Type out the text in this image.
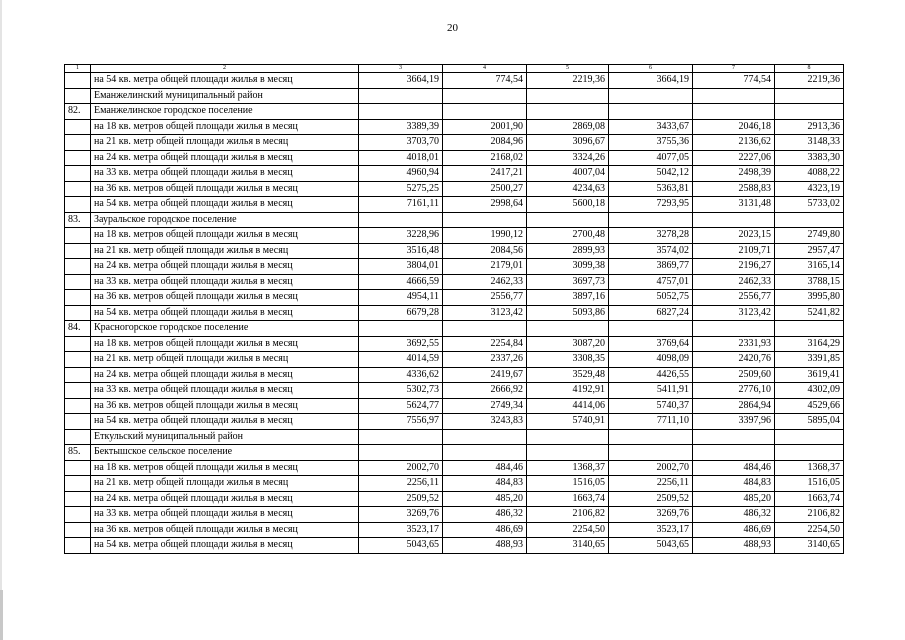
20
1	2	3	4	5	6	7	8
	на 54 кв. метра общей площади жилья в месяц	3664,19	774,54	2219,36	3664,19	774,54	2219,36
	Еманжелинский муниципальный район						
82.	Еманжелинское городское поселение						
	на 18 кв. метров общей площади жилья в месяц	3389,39	2001,90	2869,08	3433,67	2046,18	2913,36
	на 21 кв. метр общей площади жилья в месяц	3703,70	2084,96	3096,67	3755,36	2136,62	3148,33
	на 24 кв. метра общей площади жилья в месяц	4018,01	2168,02	3324,26	4077,05	2227,06	3383,30
	на 33 кв. метра общей площади жилья в месяц	4960,94	2417,21	4007,04	5042,12	2498,39	4088,22
	на 36 кв. метров общей площади жилья в месяц	5275,25	2500,27	4234,63	5363,81	2588,83	4323,19
	на 54 кв. метра общей площади жилья в месяц	7161,11	2998,64	5600,18	7293,95	3131,48	5733,02
83.	Зауральское городское поселение						
	на 18 кв. метров общей площади жилья в месяц	3228,96	1990,12	2700,48	3278,28	2023,15	2749,80
	на 21 кв. метр общей площади жилья в месяц	3516,48	2084,56	2899,93	3574,02	2109,71	2957,47
	на 24 кв. метра общей площади жилья в месяц	3804,01	2179,01	3099,38	3869,77	2196,27	3165,14
	на 33 кв. метра общей площади жилья в месяц	4666,59	2462,33	3697,73	4757,01	2462,33	3788,15
	на 36 кв. метров общей площади жилья в месяц	4954,11	2556,77	3897,16	5052,75	2556,77	3995,80
	на 54 кв. метра общей площади жилья в месяц	6679,28	3123,42	5093,86	6827,24	3123,42	5241,82
84.	Красногорское городское поселение						
	на 18 кв. метров общей площади жилья в месяц	3692,55	2254,84	3087,20	3769,64	2331,93	3164,29
	на 21 кв. метр общей площади жилья в месяц	4014,59	2337,26	3308,35	4098,09	2420,76	3391,85
	на 24 кв. метра общей площади жилья в месяц	4336,62	2419,67	3529,48	4426,55	2509,60	3619,41
	на 33 кв. метра общей площади жилья в месяц	5302,73	2666,92	4192,91	5411,91	2776,10	4302,09
	на 36 кв. метров общей площади жилья в месяц	5624,77	2749,34	4414,06	5740,37	2864,94	4529,66
	на 54 кв. метра общей площади жилья в месяц	7556,97	3243,83	5740,91	7711,10	3397,96	5895,04
	Еткульский муниципальный район						
85.	Бектышское сельское поселение						
	на 18 кв. метров общей площади жилья в месяц	2002,70	484,46	1368,37	2002,70	484,46	1368,37
	на 21 кв. метр общей площади жилья в месяц	2256,11	484,83	1516,05	2256,11	484,83	1516,05
	на 24 кв. метра общей площади жилья в месяц	2509,52	485,20	1663,74	2509,52	485,20	1663,74
	на 33 кв. метра общей площади жилья в месяц	3269,76	486,32	2106,82	3269,76	486,32	2106,82
	на 36 кв. метров общей площади жилья в месяц	3523,17	486,69	2254,50	3523,17	486,69	2254,50
	на 54 кв. метра общей площади жилья в месяц	5043,65	488,93	3140,65	5043,65	488,93	3140,65
